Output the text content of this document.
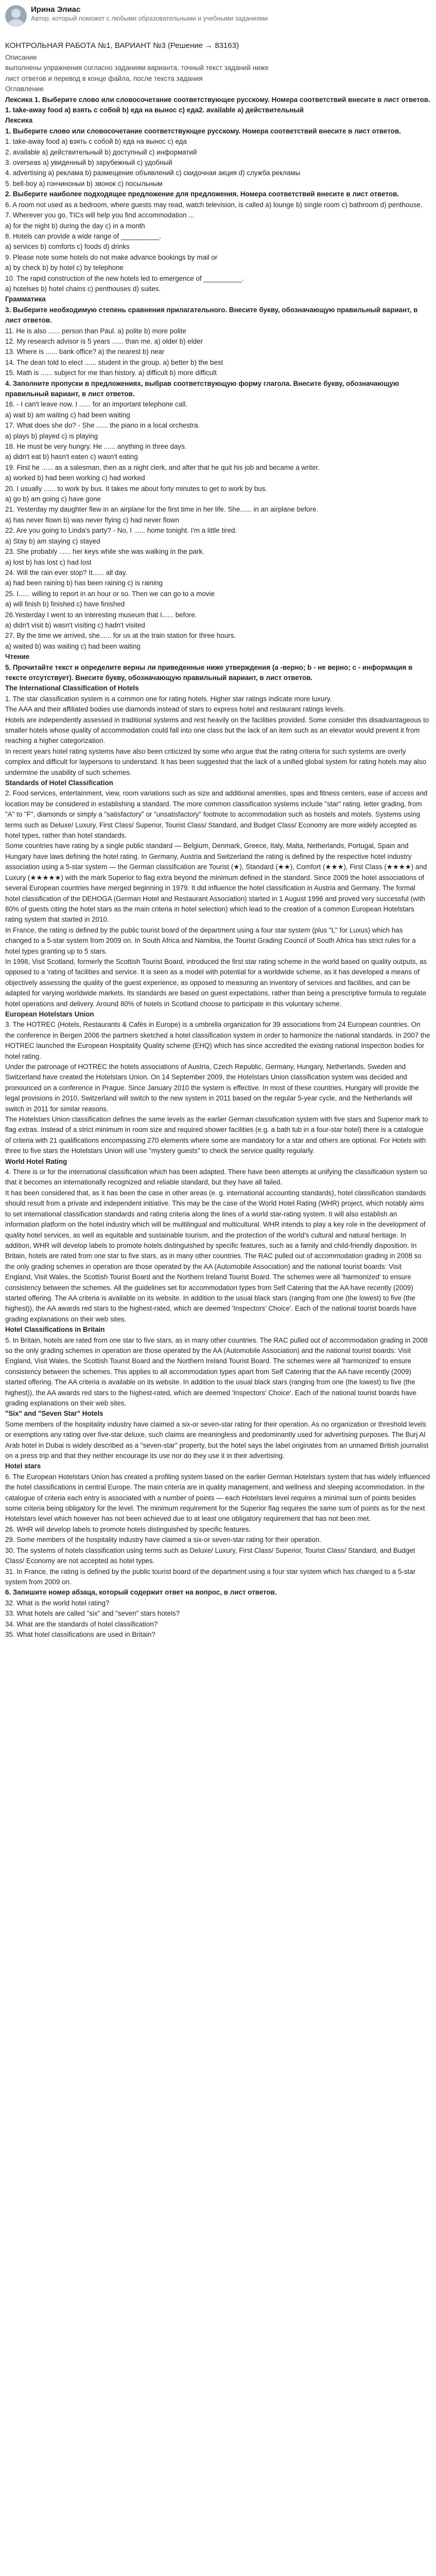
Ирина Элиас
Автор, который поможет с любыми образовательными и учебными заданиями
КОНТРОЛЬНАЯ РАБОТА №1, ВАРИАНТ №3 (Решение → 83163)

Описание

выполнены упражнения согласно заданиям варианта, точный текст заданий ниже

лист ответов и перевод в конце файла, после текста задания

Оглавление

Лексика 1. Выберите слово или словосочетание соответствующее русскому. Номера соответствий внесите в лист ответов. 1. take-away food a) взять с собой b) еда на вынос c) еда2. available a) действительный

Лексика

1. Выберите слово или словосочетание соответствующее русскому. Номера соответствий внесите в лист ответов.

1. take-away food a) взять с собой b) еда на вынос c) еда

2. available a) действительный b) доступный c) информатий

3. overseas а) увиденный b) зарубежный c) удобный

4. advertising а) реклама b) размещение объявлений c) скидочная акция d) служба рекламы

5. bell-boy а) гончиноныи b) звонок c) посыльным

2. Выберите наиболее подходящее предложение для предложения. Номера соответствий внесите в лист ответов.

6. A room not used as a bedroom, where guests may read, watch television, is called a) lounge b) single room c) bathroom d) penthouse.

7. Wherever you go, TICs will help you find accommodation ...

a) for the night b) during the day c) in a month

8. Hotels can provide a wide range of __________.

a) services b) comforts c) foods d) drinks

9. Please note some hotels do not make advance bookings by mail or

a) by check b) by hotel c) by telephone

10. The rapid construction of the new hotels led to emergence of __________.

a) hotelses b) hotel chains c) penthouses d) suites.

Грамматика

3. Выберите необходимую степень сравнения прилагательного. Внесите букву, обозначающую правильный вариант, в лист ответов.

11. He is also ...... person than Paul. a) polite b) more polite

12. My research advisor is 5 years ...... than me. a) older b) elder

13. Where is ...... bank office? a) the nearest b) near

14. The dean told to elect ...... student in the group. a) better b) the best

15. Math is ...... subject for me than history. a) difficult b) more difficult

4. Заполните пропуски в предложениях, выбрав соответствующую форму глагола. Внесите букву, обозначающую правильный вариант, в лист ответов.

16. - I can't leave now. I ...... for an important telephone call.

a) wait b) am waiting c) had been waiting

17. What does she do? - She ...... the piano in a local orchestra.

a) plays b) played c) is playing

18. He must be very hungry. He ...... anything in three days.

a) didn't eat b) hasn't eaten c) wasn't eating

19. First he ...... as a salesman, then as a night clerk, and after that he quit his job and became a writer.

a) worked b) had been working c) had worked

20. I usually ...... to work by bus. It takes me about forty minutes to get to work by bus.

a) go b) am going c) have gone

21. Yesterday my daughter flew in an airplane for the first time in her life. She...... in an airplane before.

a) has never flown b) was never flying c) had never flown

22. Are you going to Linda's party? - No, I ...... home tonight. I'm a little tired.

a) Stay b) am staying c) stayed

23. She probably ...... her keys while she was walking in the park.

a) lost b) has lost c) had lost

24. Will the rain ever stop? It...... all day.

a) had been raining b) has been raining c) is raining

25. I...... willing to report in an hour or so. Then we can go to a movie

a) will finish b) finished c) have finished

26.Yesterday I went to an interesting museum that I...... before.

a) didn't visit b) wasn't visiting c) hadn't visited

27. By the time we arrived, she...... for us at the train station for three hours.

a) waited b) was waiting c) had been waiting

Чтение

5. Прочитайте текст и определите верны ли приведенные ниже утверждения (a -верно; b - не верно; c - информация в тексте отсутствует). Внесите букву, обозначающую правильный вариант, в лист ответов.

The International Classification of Hotels

1. The star classification system is a common one for rating hotels. Higher star ratings indicate more luxury.

The AAA and their affiliated bodies use diamonds instead of stars to express hotel and restaurant ratings levels.

Hotels are independently assessed in traditional systems and rest heavily on the facilities provided. Some consider this disadvantageous to smaller hotels whose quality of accommodation could fall into one class but the lack of an item such as an elevator would prevent it from reaching a higher categorization.

In recent years hotel rating systems have also been criticized by some who argue that the rating criteria for such systems are overly complex and difficult for laypersons to understand. It has been suggested that the lack of a unified global system for rating hotels may also undermine the usability of such schemes.

Standards of Hotel Classification

2. Food services, entertainment, view, room variations such as size and additional amenities, spas and fitness centers, ease of access and location may be considered in establishing a standard. The more common classification systems include "star" rating. letter grading, from "A" to "F", diamonds or simply a "satisfactory" or "unsatisfactory" footnote to accommodation such as hostels and motels. Systems using terms such as Deluxe/ Luxury, First Class/ Superior, Tourist Class/ Standard, and Budget Class/ Economy are more widely accepted as hotel types, rather than hotel standards.

Some countries have rating by a single public standard — Belgium, Denmark, Greece, Italy, Malta, Netherlands, Portugal, Spain and Hungary have laws defining the hotel rating. In Germany, Austria and Switzerland the rating is defined by the respective hotel industry association using a 5-star system — the German classification are Tourist (★), Standard (★★), Comfort (★★★), First Class (★★★★) and Luxury (★★★★★) with the mark Superior to flag extra beyond the minimum defined in the standard. Since 2009 the hotel associations of several European countries have merged beginning in 1979. It did influence the hotel classification in Austria and Germany. The formal hotel classification of the DEHOGA (German Hotel and Restaurant Association) started in 1 August 1996 and proved very successful (with 80% of guests citing the hotel stars as the main criteria in hotel selection) which lead to the creation of a common European Hotelstars rating system that started in 2010.

In France, the rating is defined by the public tourist board of the department using a four star system (plus "L" for Luxus) which has changed to a 5-star system from 2009 on. In South Africa and Namibia, the Tourist Grading Council of South Africa has strict rules for a hotel types granting up to 5 stars.

In 1998, Visit Scotland, formerly the Scottish Tourist Board, introduced the first star rating scheme in the world based on quality outputs, as opposed to a 'rating of facilities and service. It is seen as a model with potential for a worldwide scheme, as it has developed a means of objectively assessing the quality of the guest experience, as opposed to measuring an inventory of services and facilities, and can be adapted for varying worldwide markets. Its standards are based on guest expectations, rather than being a prescriptive formula to regulate hotel operations and delivery. Around 80% of hotels in Scotland choose to participate in this voluntary scheme.

European Hotelstars Union

3. The HOTREC (Hotels, Restaurants & Cafés in Europe) is a umbrella organization for 39 associations from 24 European countries. On the conference in Bergen 2006 the partners sketched a hotel classification system in order to harmonize the national standards. In 2007 the HOTREC launched the European Hospitality Quality scheme (EHQ) which has since accredited the existing national inspection bodies for hotel rating.

Under the patronage of HOTREC the hotels associations of Austria, Czech Republic, Germany, Hungary, Netherlands, Sweden and Switzerland have created the Hotelstars Union. On 14 September 2009, the Hotelstars Union classification system was decided and pronounced on a conference in Prague. Since January 2010 the system is effective. In most of these countries, Hungary will provide the legal provisions in 2010, Switzerland will switch to the new system in 2011 based on the regular 5-year cycle, and the Netherlands will switch in 2011 for similar reasons.

The Hotelstars Union classification defines the same levels as the earlier German classification system with five stars and Superior mark to flag extras. Instead of a strict minimum in room size and required shower facilities (e.g. a bath tub in a four-star hotel) there is a catalogue of criteria with 21 qualifications encompassing 270 elements where some are mandatory for a star and others are optional. For Hotels with three to five stars the Hotelstars Union will use "mystery guests" to check the service quality regularly.

World Hotel Rating

4. There is or for the international classification which has been adapted. There have been attempts at unifying the classification system so that it becomes an internationally recognized and reliable standard, but they have all failed.

It has been considered that, as it has been the case in other areas (e. g. international accounting standards), hotel classification standards should result from a private and independent initiative. This may be the case of the World Hotel Rating (WHR) project, which notably aims to set international classification standards and rating criteria along the lines of a world star-rating system. It will also establish an information platform on the hotel industry which will be multilingual and multicultural. WHR intends to play a key role in the development of quality hotel services, as well as equitable and sustainable tourism, and the protection of the world's cultural and natural heritage. In addition, WHR will develop labels to promote hotels distinguished by specific features, such as a family and child-friendly disposition. In Britain, hotels are rated from one star to five stars, as in many other countries. The RAC pulled out of accommodation grading in 2008 so the only grading schemes in operation are those operated by the AA (Automobile Association) and the national tourist boards: Visit England, Visit Wales, the Scottish Tourist Board and the Northern Ireland Tourist Board. The schemes were all 'harmonized' to ensure consistency between the schemes. All the guidelines set for accommodation types from Self Catering that the AA have recently (2009) started offering. The AA criteria is available on its website. In addition to the usual black stars (ranging from one (the lowest) to five (the highest)), the AA awards red stars to the highest-rated, which are deemed 'Inspectors' Choice'. Each of the national tourist boards have grading explanations on their web sites.

Hotel Classifications in Britain

5. In Britain, hotels are rated from one star to five stars, as in many other countries. The RAC pulled out of accommodation grading in 2008 so the only grading schemes in operation are those operated by the AA (Automobile Association) and the national tourist boards: Visit England, Visit Wales, the Scottish Tourist Board and the Northern Ireland Tourist Board. The schemes were all 'harmonized' to ensure consistency between the schemes. This applies to all accommodation types apart from Self Catering that the AA have recently (2009) started offering. The AA criteria is available on its website. In addition to the usual black stars (ranging from one (the lowest) to five (the highest)), the AA awards red stars to the highest-rated, which are deemed 'Inspectors' Choice'. Each of the national tourist boards have grading explanations on their web sites.

"Six" and "Seven Star" Hotels

Some members of the hospitality industry have claimed a six-or seven-star rating for their operation. As no organization or threshold levels or exemptions any rating over five-star deluxe, such claims are meaningless and predominantly used for advertising purposes. The Burj Al Arab hotel in Dubai is widely described as a "seven-star" property, but the hotel says the label originates from an unnamed British journalist on a press trip and that they neither encourage its use nor do they use it in their advertising.

Hotel stars

6. The European Hotelstars Union has created a profiling system based on the earlier German Hotelstars system that has widely influenced the hotel classifications in central Europe. The main criteria are in quality management, and wellness and sleeping accommodation. In the catalogue of criteria each entry is associated with a number of points — each Hotelstars level requires a minimal sum of points besides some criteria being obligatory for the level. The minimum requirement for the Superior flag requires the same sum of points as for the next Hotelstars level which however has not been achieved due to at least one obligatory requirement that has not been met.

26. WHR will develop labels to promote hotels distinguished by specific features.

29. Some members of the hospitality industry have claimed a six-or seven-star rating for their operation.

30. The systems of hotels classification using terms such as Deluxe/ Luxury, First Class/ Superior, Tourist Class/ Standard, and Budget Class/ Economy are not accepted as hotel types.

31. In France, the rating is defined by the public tourist board of the department using a four star system which has changed to a 5-star system from 2009 on.

6. Запишите номер абзаца, который содержит ответ на вопрос, в лист ответов.

32. What is the world hotel rating?

33. What hotels are called "six" and "seven" stars hotels?

34. What are the standards of hotel classification?

35. What hotel classifications are used in Britain?
